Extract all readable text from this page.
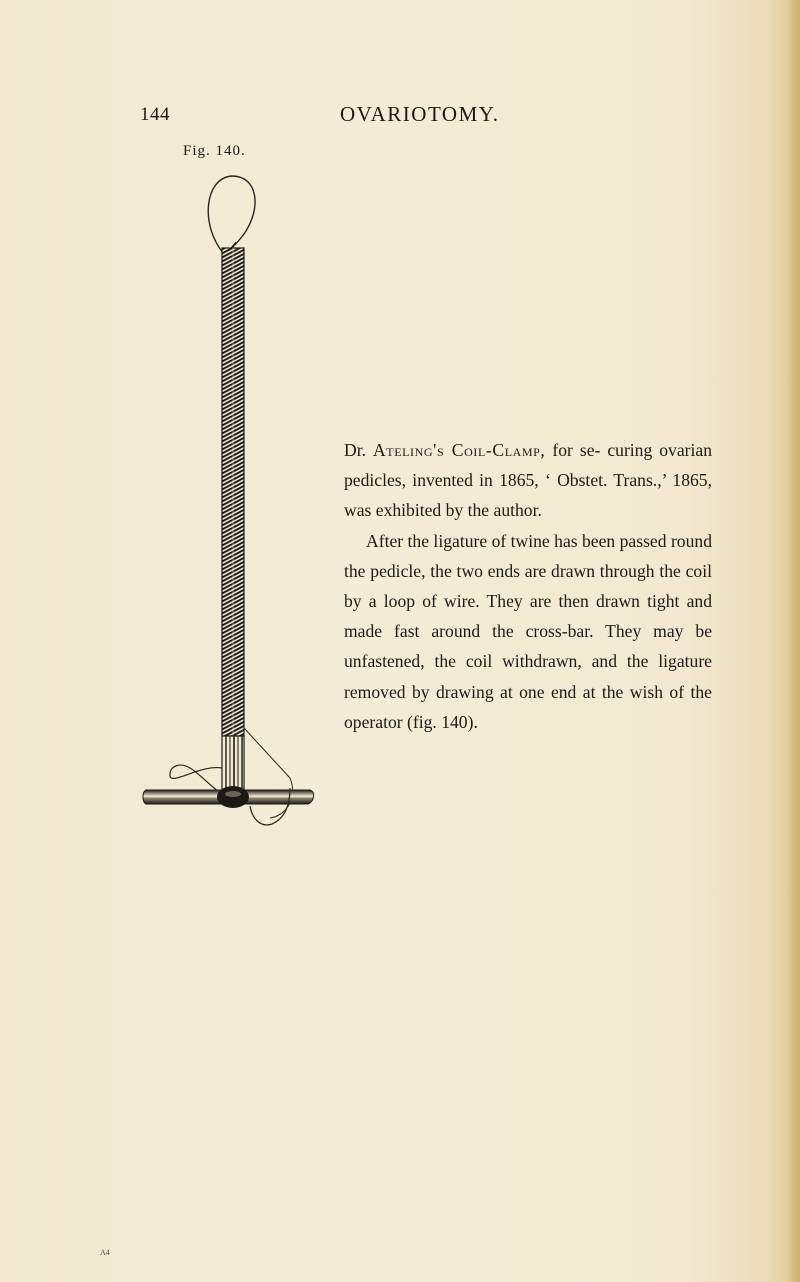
144	OVARIOTOMY.
Fig. 140.

Dr. Ateling's Coil-Clamp, for se- curing ovarian pedicles, invented in 1865, ‘ Obstet. Trans.,’ 1865, was exhibited by the author.

After the ligature of twine has been passed round the pedicle, the two ends are drawn through the coil by a loop of wire. They are then drawn tight and made fast around the cross-bar. They may be unfastened, the coil withdrawn, and the ligature removed by drawing at one end at the wish of the operator (fig. 140).

A4
